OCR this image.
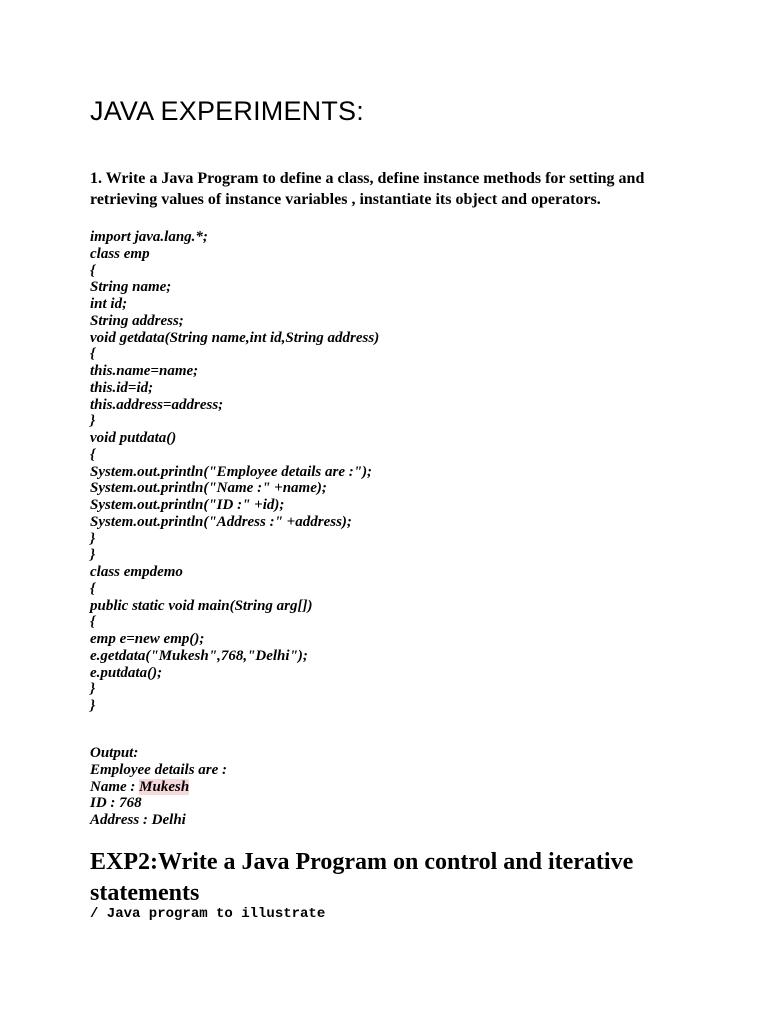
JAVA EXPERIMENTS:

1. Write a Java Program to define a class, define instance methods for setting and retrieving values of instance variables , instantiate its object and operators.

import java.lang.*;
class emp
{
String name;
int id;
String address;
void getdata(String name,int id,String address)
{
this.name=name;
this.id=id;
this.address=address;
}
void putdata()
{
System.out.println("Employee details are :");
System.out.println("Name :" +name);
System.out.println("ID :" +id);
System.out.println("Address :" +address);
}
}
class empdemo
{
public static void main(String arg[])
{
emp e=new emp();
e.getdata("Mukesh",768,"Delhi");
e.putdata();
}
}
Output:
Employee details are :
Name : Mukesh
ID : 768
Address : Delhi
EXP2:Write a Java Program on control and iterative statements
/ Java program to illustrate
